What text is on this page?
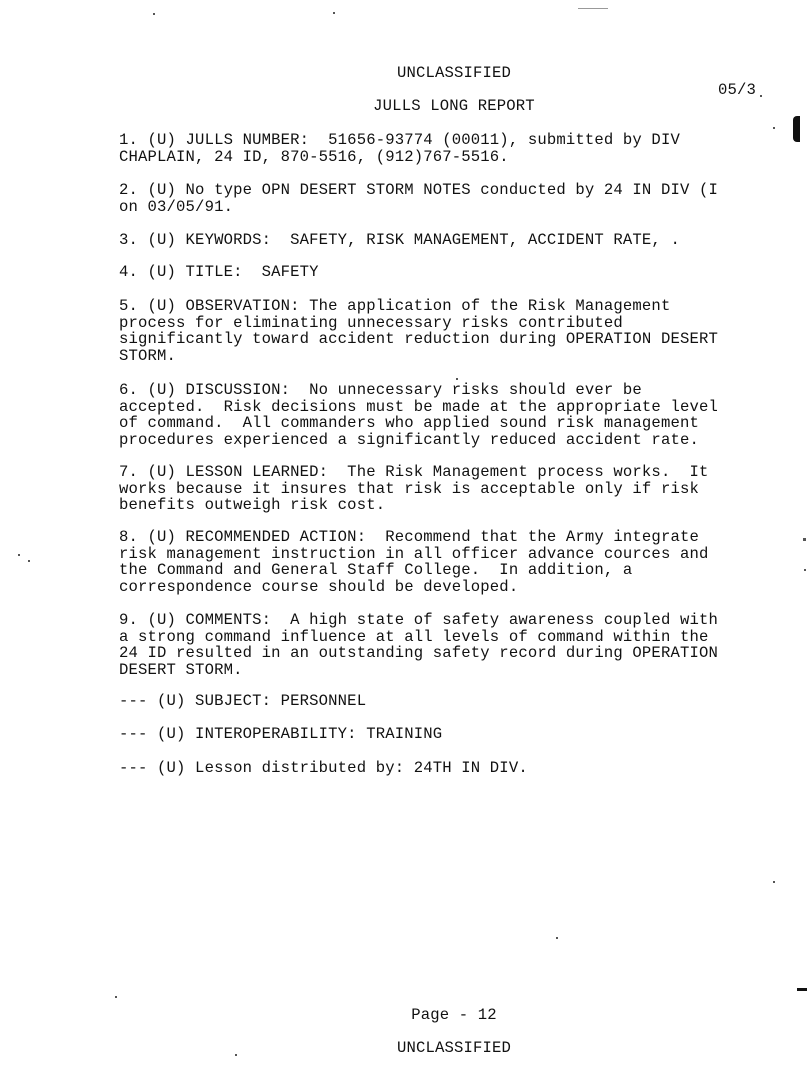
UNCLASSIFIED
05/3
JULLS LONG REPORT
1. (U) JULLS NUMBER:  51656-93774 (00011), submitted by DIV
CHAPLAIN, 24 ID, 870-5516, (912)767-5516.
2. (U) No type OPN DESERT STORM NOTES conducted by 24 IN DIV (I
on 03/05/91.
3. (U) KEYWORDS:  SAFETY, RISK MANAGEMENT, ACCIDENT RATE, .
4. (U) TITLE:  SAFETY
5. (U) OBSERVATION: The application of the Risk Management
process for eliminating unnecessary risks contributed
significantly toward accident reduction during OPERATION DESERT
STORM.
6. (U) DISCUSSION:  No unnecessary risks should ever be
accepted.  Risk decisions must be made at the appropriate level
of command.  All commanders who applied sound risk management
procedures experienced a significantly reduced accident rate.
7. (U) LESSON LEARNED:  The Risk Management process works.  It
works because it insures that risk is acceptable only if risk
benefits outweigh risk cost.
8. (U) RECOMMENDED ACTION:  Recommend that the Army integrate
risk management instruction in all officer advance cources and
the Command and General Staff College.  In addition, a
correspondence course should be developed.
9. (U) COMMENTS:  A high state of safety awareness coupled with
a strong command influence at all levels of command within the
24 ID resulted in an outstanding safety record during OPERATION
DESERT STORM.
--- (U) SUBJECT: PERSONNEL
--- (U) INTEROPERABILITY: TRAINING
--- (U) Lesson distributed by: 24TH IN DIV.
Page - 12
UNCLASSIFIED
